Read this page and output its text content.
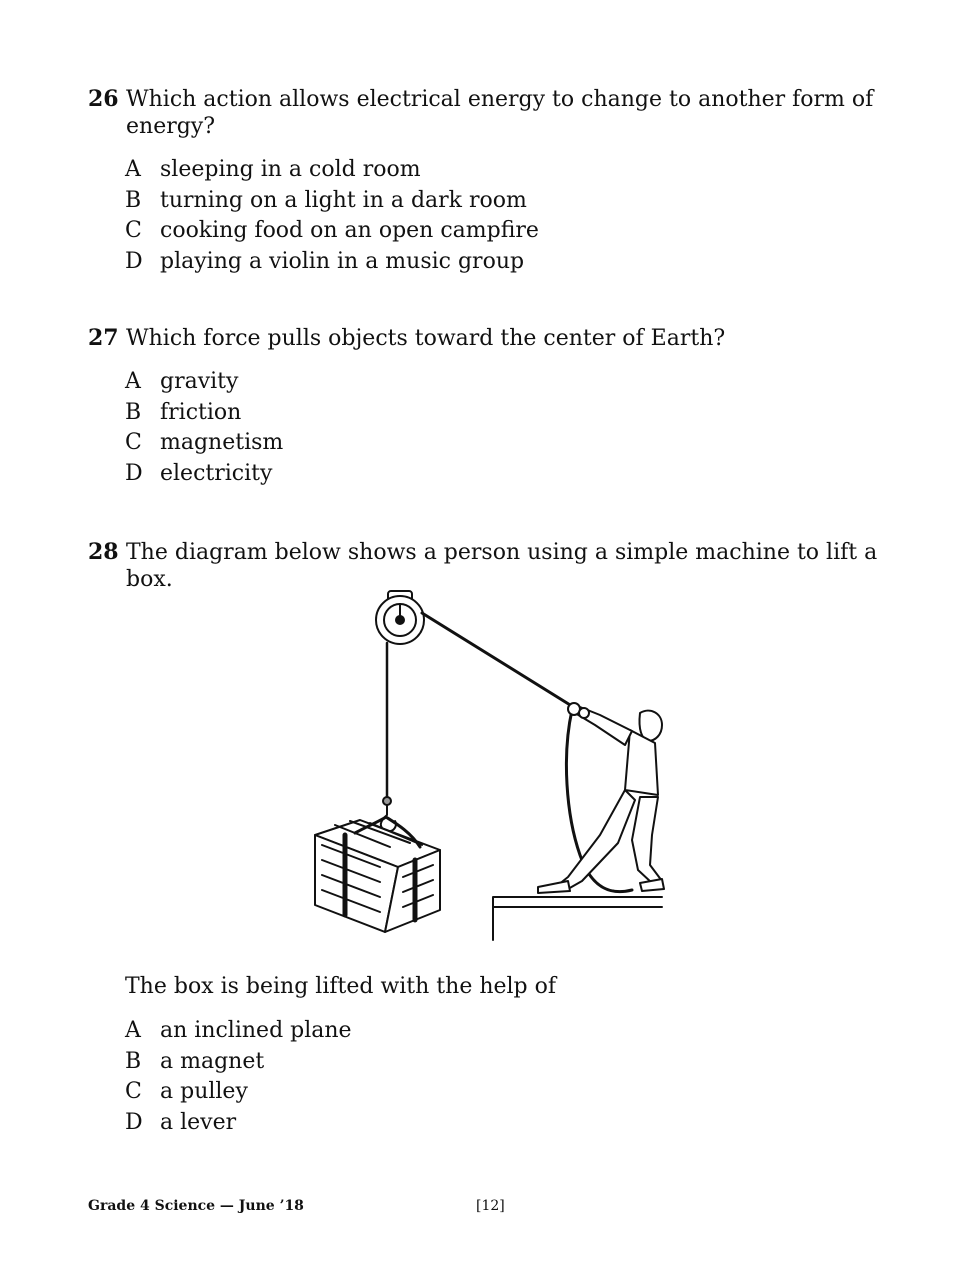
26 Which action allows electrical energy to change to another form of energy?
A sleeping in a cold room
B turning on a light in a dark room
C cooking food on an open campfire
D playing a violin in a music group
27 Which force pulls objects toward the center of Earth?
A gravity
B friction
C magnetism
D electricity
28 The diagram below shows a person using a simple machine to lift a box.
The box is being lifted with the help of
A an inclined plane
B a magnet
C a pulley
D a lever
Grade 4 Science — June ’18	[12]
